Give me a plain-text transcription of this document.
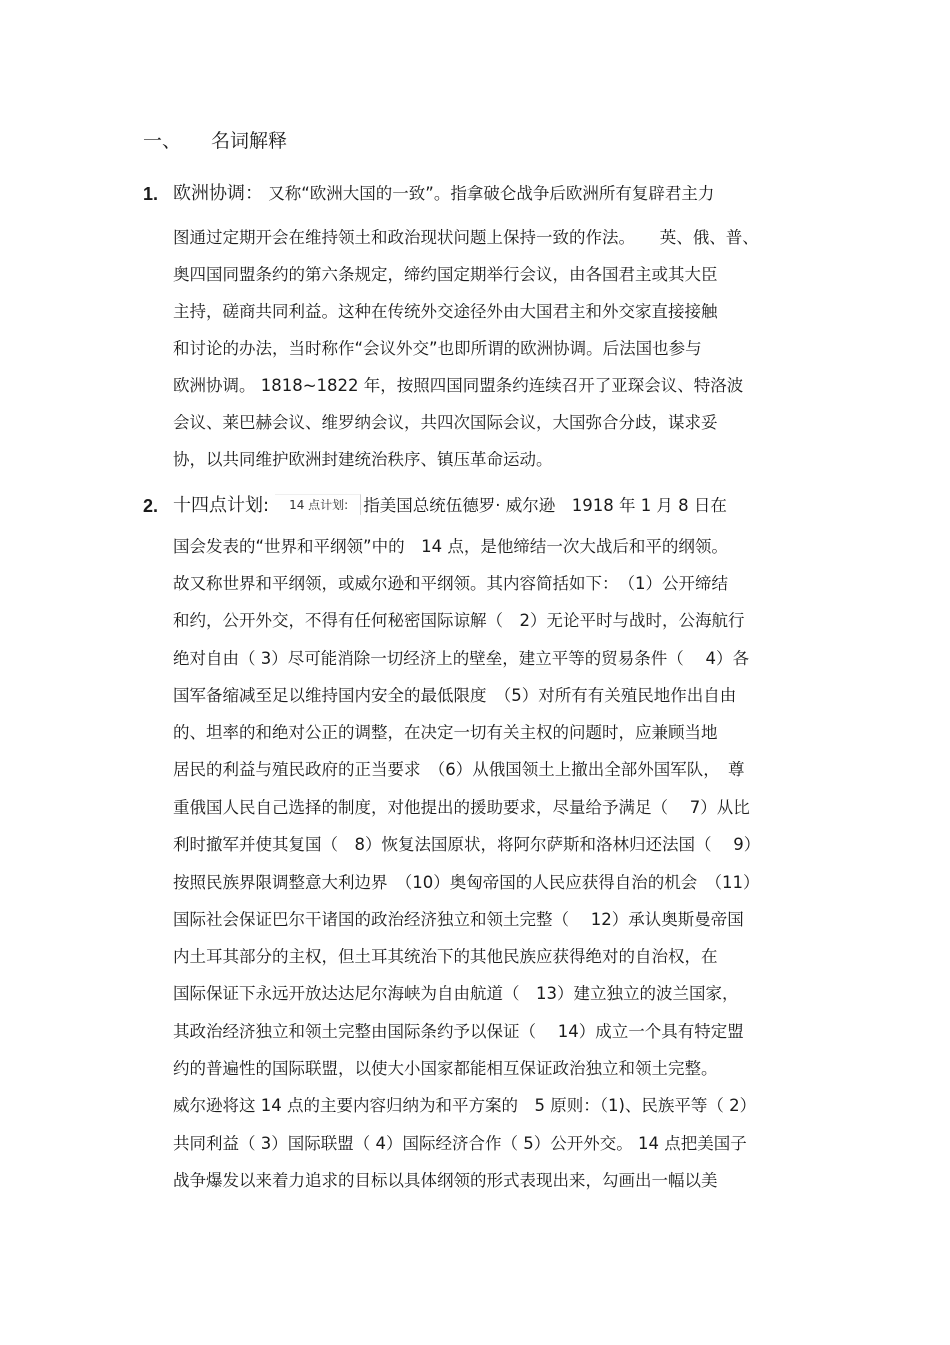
一、 名词解释
1. 欧洲协调： 又称“欧洲大国的一致”。指拿破仑战争后欧洲所有复辟君主力
图通过定期开会在维持领土和政治现状问题上保持一致的作法。　　英、俄、普、
奥四国同盟条约的第六条规定，缔约国定期举行会议，由各国君主或其大臣
主持，磋商共同利益。这种在传统外交途径外由大国君主和外交家直接接触
和讨论的办法，当时称作“会议外交”也即所谓的欧洲协调。后法国也参与
欧洲协调。 1818~1822 年，按照四国同盟条约连续召开了亚琛会议、特洛波
会议、莱巴赫会议、维罗纳会议，共四次国际会议，大国弥合分歧，谋求妥
协，以共同维护欧洲封建统治秩序、镇压革命运动。
2. 十四点计划: 14 点计划: 指美国总统伍德罗· 威尔逊　1918 年 1 月 8 日在
国会发表的“世界和平纲领”中的　14 点，是他缔结一次大战后和平的纲领。
故又称世界和平纲领，或威尔逊和平纲领。其内容简括如下：　（1）公开缔结
和约，公开外交，不得有任何秘密国际谅解（　2）无论平时与战时，公海航行
绝对自由（ 3）尽可能消除一切经济上的壁垒，建立平等的贸易条件（　 4）各
国军备缩减至足以维持国内安全的最低限度　（5）对所有有关殖民地作出自由
的、坦率的和绝对公正的调整，在决定一切有关主权的问题时，应兼顾当地
居民的利益与殖民政府的正当要求　（6）从俄国领土上撤出全部外国军队，　尊
重俄国人民自己选择的制度，对他提出的援助要求，尽量给予满足（　 7）从比
利时撤军并使其复国（　8）恢复法国原状，将阿尔萨斯和洛林归还法国（　 9）
按照民族界限调整意大利边界　（10）奥匈帝国的人民应获得自治的机会　（11）
国际社会保证巴尔干诸国的政治经济独立和领土完整（　 12）承认奥斯曼帝国
内土耳其部分的主权，但土耳其统治下的其他民族应获得绝对的自治权，在
国际保证下永远开放达达尼尔海峡为自由航道（　13）建立独立的波兰国家，
其政治经济独立和领土完整由国际条约予以保证（　 14）成立一个具有特定盟
约的普遍性的国际联盟，以使大小国家都能相互保证政治独立和领土完整。
威尔逊将这 14 点的主要内容归纳为和平方案的　5 原则：（1)、民族平等（ 2）
共同利益（ 3）国际联盟（ 4）国际经济合作（ 5）公开外交。 14 点把美国子
战争爆发以来着力追求的目标以具体纲领的形式表现出来，勾画出一幅以美
